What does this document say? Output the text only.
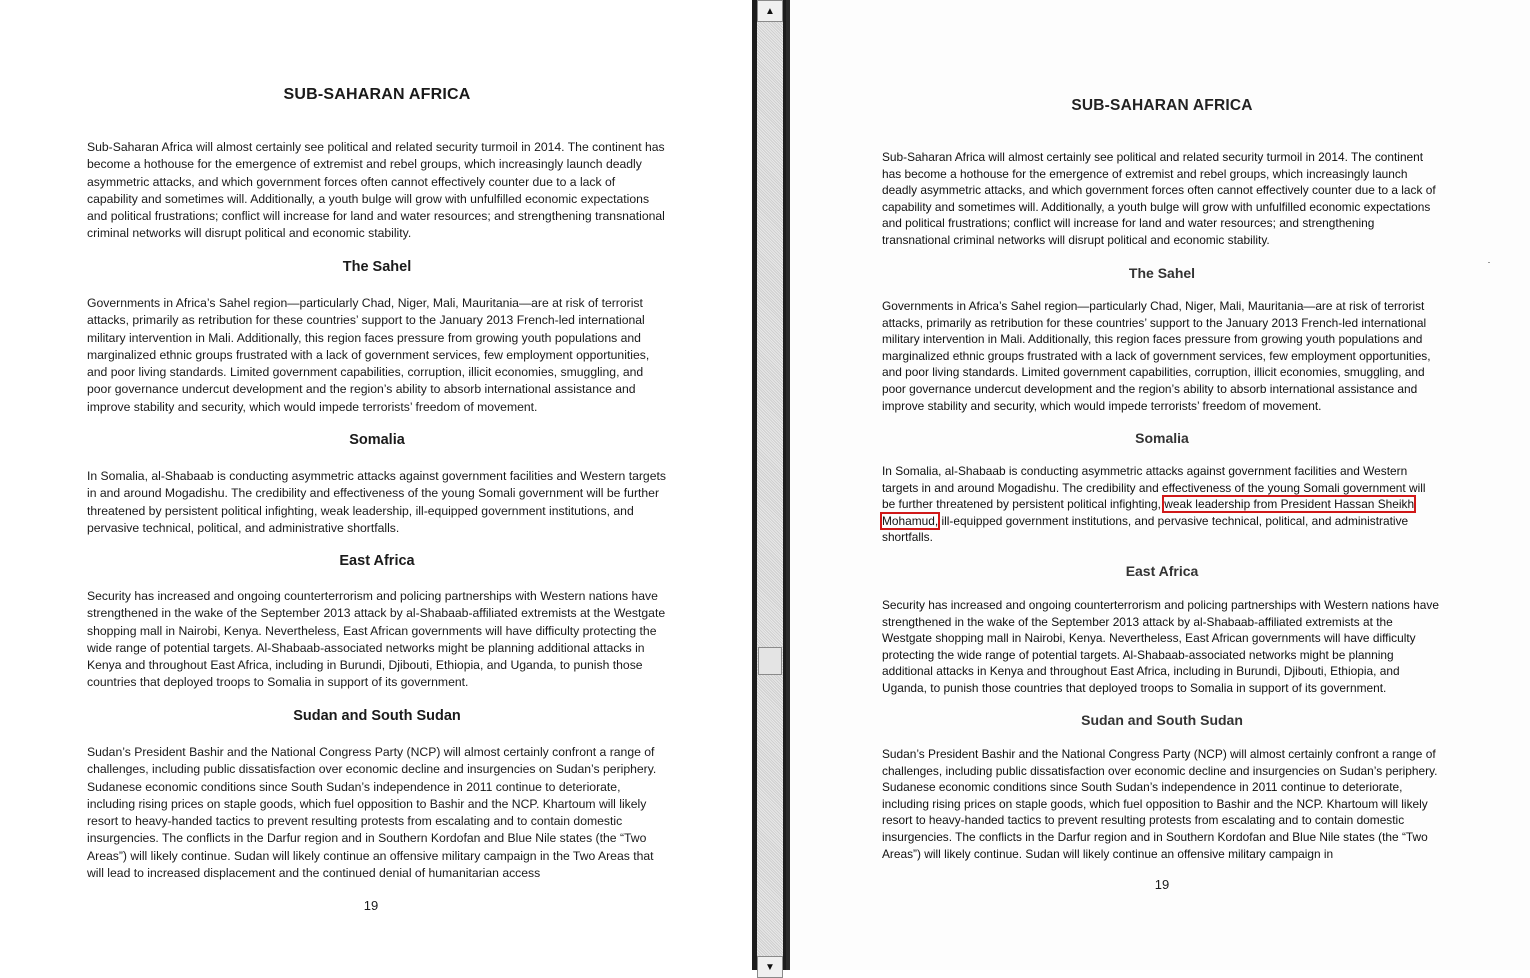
SUB-SAHARAN AFRICA

Sub-Saharan Africa will almost certainly see political and related security turmoil in 2014. The continent has become a hothouse for the emergence of extremist and rebel groups, which increasingly launch deadly asymmetric attacks, and which government forces often cannot effectively counter due to a lack of capability and sometimes will. Additionally, a youth bulge will grow with unfulfilled economic expectations and political frustrations; conflict will increase for land and water resources; and strengthening transnational criminal networks will disrupt political and economic stability.

The Sahel

Governments in Africa’s Sahel region—particularly Chad, Niger, Mali, Mauritania—are at risk of terrorist attacks, primarily as retribution for these countries’ support to the January 2013 French-led international military intervention in Mali. Additionally, this region faces pressure from growing youth populations and marginalized ethnic groups frustrated with a lack of government services, few employment opportunities, and poor living standards. Limited government capabilities, corruption, illicit economies, smuggling, and poor governance undercut development and the region’s ability to absorb international assistance and improve stability and security, which would impede terrorists’ freedom of movement.

Somalia

In Somalia, al-Shabaab is conducting asymmetric attacks against government facilities and Western targets in and around Mogadishu. The credibility and effectiveness of the young Somali government will be further threatened by persistent political infighting, weak leadership, ill-equipped government institutions, and pervasive technical, political, and administrative shortfalls.

East Africa

Security has increased and ongoing counterterrorism and policing partnerships with Western nations have strengthened in the wake of the September 2013 attack by al-Shabaab-affiliated extremists at the Westgate shopping mall in Nairobi, Kenya. Nevertheless, East African governments will have difficulty protecting the wide range of potential targets. Al-Shabaab-associated networks might be planning additional attacks in Kenya and throughout East Africa, including in Burundi, Djibouti, Ethiopia, and Uganda, to punish those countries that deployed troops to Somalia in support of its government.

Sudan and South Sudan

Sudan’s President Bashir and the National Congress Party (NCP) will almost certainly confront a range of challenges, including public dissatisfaction over economic decline and insurgencies on Sudan’s periphery. Sudanese economic conditions since South Sudan’s independence in 2011 continue to deteriorate, including rising prices on staple goods, which fuel opposition to Bashir and the NCP. Khartoum will likely resort to heavy-handed tactics to prevent resulting protests from escalating and to contain domestic insurgencies. The conflicts in the Darfur region and in Southern Kordofan and Blue Nile states (the “Two Areas”) will likely continue. Sudan will likely continue an offensive military campaign in the Two Areas that will lead to increased displacement and the continued denial of humanitarian access

19
▲
▼
SUB-SAHARAN AFRICA

Sub-Saharan Africa will almost certainly see political and related security turmoil in 2014. The continent has become a hothouse for the emergence of extremist and rebel groups, which increasingly launch deadly asymmetric attacks, and which government forces often cannot effectively counter due to a lack of capability and sometimes will. Additionally, a youth bulge will grow with unfulfilled economic expectations and political frustrations; conflict will increase for land and water resources; and strengthening transnational criminal networks will disrupt political and economic stability.

The Sahel

Governments in Africa’s Sahel region—particularly Chad, Niger, Mali, Mauritania—are at risk of terrorist attacks, primarily as retribution for these countries’ support to the January 2013 French-led international military intervention in Mali. Additionally, this region faces pressure from growing youth populations and marginalized ethnic groups frustrated with a lack of government services, few employment opportunities, and poor living standards. Limited government capabilities, corruption, illicit economies, smuggling, and poor governance undercut development and the region’s ability to absorb international assistance and improve stability and security, which would impede terrorists’ freedom of movement.

Somalia

In Somalia, al-Shabaab is conducting asymmetric attacks against government facilities and Western targets in and around Mogadishu. The credibility and effectiveness of the young Somali government will be further threatened by persistent political infighting, weak leadership from President Hassan Sheikh
Mohamud, ill-equipped government institutions, and pervasive technical, political, and administrative shortfalls.

East Africa

Security has increased and ongoing counterterrorism and policing partnerships with Western nations have strengthened in the wake of the September 2013 attack by al-Shabaab-affiliated extremists at the Westgate shopping mall in Nairobi, Kenya. Nevertheless, East African governments will have difficulty protecting the wide range of potential targets. Al-Shabaab-associated networks might be planning additional attacks in Kenya and throughout East Africa, including in Burundi, Djibouti, Ethiopia, and Uganda, to punish those countries that deployed troops to Somalia in support of its government.

Sudan and South Sudan

Sudan’s President Bashir and the National Congress Party (NCP) will almost certainly confront a range of challenges, including public dissatisfaction over economic decline and insurgencies on Sudan’s periphery. Sudanese economic conditions since South Sudan’s independence in 2011 continue to deteriorate, including rising prices on staple goods, which fuel opposition to Bashir and the NCP. Khartoum will likely resort to heavy-handed tactics to prevent resulting protests from escalating and to contain domestic insurgencies. The conflicts in the Darfur region and in Southern Kordofan and Blue Nile states (the “Two Areas”) will likely continue. Sudan will likely continue an offensive military campaign in

19
